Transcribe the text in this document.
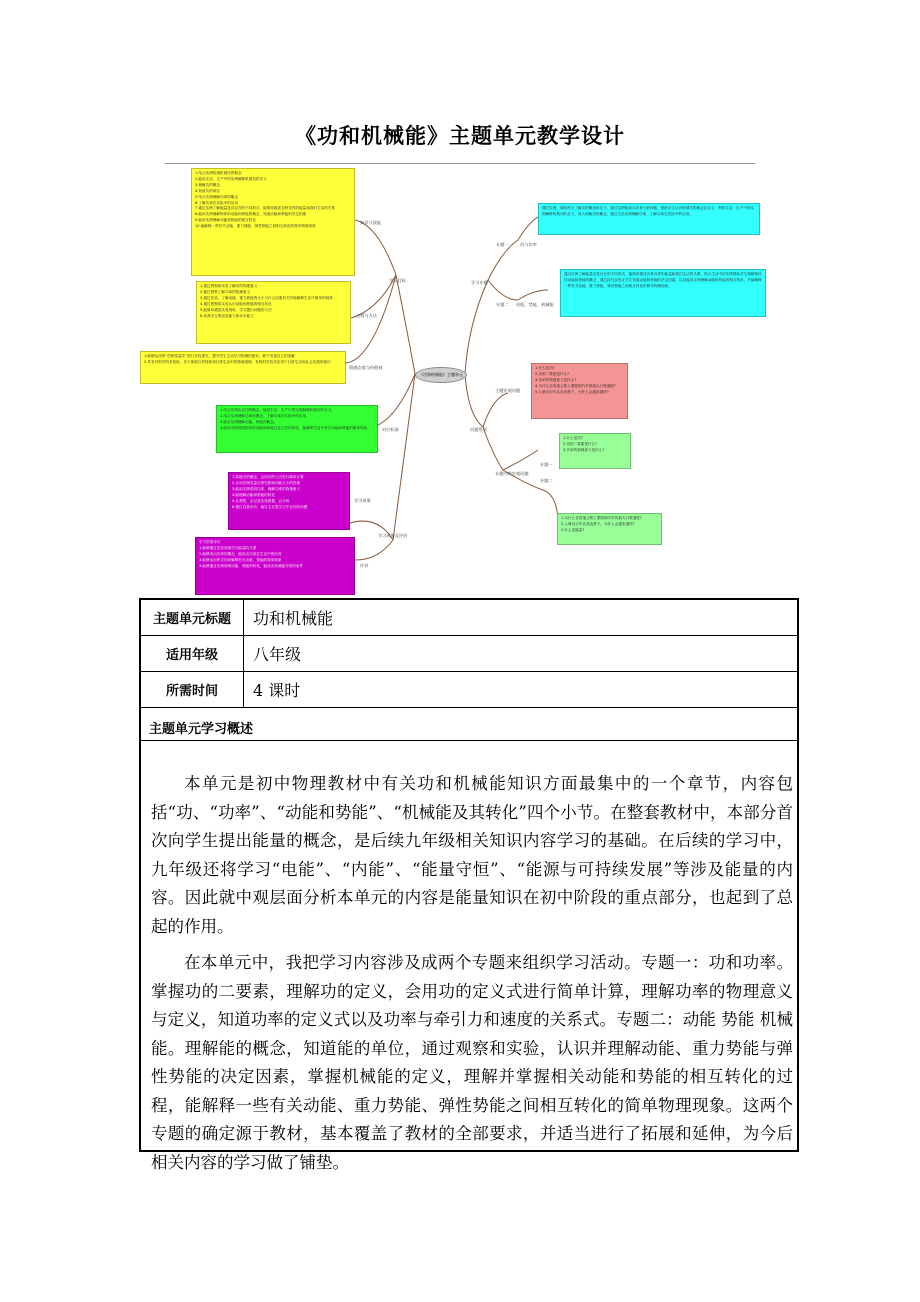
《功和机械能》主题单元教学设计
1.结合实例知道机械功的概念
2.能用生活、生产中的实例解释机械功的含义
3.理解功的概念
4.知道功的单位
5.结合实例理解功率的概念
6.了解功率在实际中的应用
7.通过实例了解能量及其存在的不同形式，能简单描述各种各样的能量和我们生活的关系
8.能用实例理解物体的动能和势能的概念，知道动能和势能的决定因素
9.能用实例理解动能和势能的相互转化
10.能解释一些有关动能、重力势能、弹性势能之间相互转化的简单物理现象
1.通过观察和实验了解功的物理意义
2.通过观察了解功率的物理意义
3.通过实验，了解动能、重力势能的大小与什么因素有关并能解释生活中简单的现象
4.通过观察和实验认识动能和势能的相互转化
5.能简单描述实验现象，学习提出问题的方法
6.培养学生的创造能力和动手能力
1.能够运用所“控制变量法”进行实验探究，提升学生主动学习物理的意识，敢于发表自己的见解
2.具有对科学的求知欲，乐于探索自然现象和日常生活中的物理道理，有将科学技术应用于日常生活和社会实践的意识
1.结合实例认识功的概念，能用生活、生产中的实例解释机械功的含义。
2.结合实例理解功率的概念，了解功率在实际中的应用。
3.能用实例理解动能、势能的概念。
4.能用实例说明物体的动能和势能以及它们的转化，能解释生活中有关动能和势能的简单现象。
1.知道功的概念，会用功的公式进行简单计算
2.会用控制变量法探究影响动能大小的因素
3.能用实例说明功率，理解功率的物理意义
4.能理解动能和势能的转化
5.会观察，会记录实验数据，会分析
6.通过自我评价，能自主反思学习中存在的问题
学习效果评价
1.能够通过实验说明功与能量的关系
2.能够说出功率的概念，能说出功率在生活中的应用
3.能够运用所学知识解释有关动能、势能的简单现象
4.能够通过实例说明动能、势能的转化，能说出机械能守恒的条件
通过实例，课前预习了解功的概念和定义，通过实例和演示或者分析问题，帮助学生认识机械功的概念及含义，利用生活、生产中的实例解释机械功的含义，深入理解功的概念，通过生活实例理解功率，了解功率在实际中的应用。
通过实例了解能量及其存在的不同形式，能简单描述各种各样的能量和我们生活的关系，结合生活中的实例帮助学生理解物体的动能和势能的概念，通过探究实验让学生知道动能和势能的决定因素，以及能用实例理解动能和势能的相互转化，并能解释一些有关动能、重力势能、弹性势能之间相互转化的简单物理现象。
1.什么是功?
2.功的二要素是什么?
3.功率的物理意义是什么?
4.为什么在高速公路上要限制汽车的最大行驶速度?
5.人骑自行车从高处滑下，为什么会越来越快?
1.什么是功?
2.功的二要素是什么?
3.功率的物理意义是什么?
1.为什么在高速公路上要限制汽车的最大行驶速度?
2.人骑自行车从高处滑下，为什么会越来越快?
3.什么是能量?
《功和机械能》主题单元
知识与技能
过程与方法
情感态度与价值观
学习目标
对应标准
学习成果
学习成果及评价
评价
学习专题
专题一	功与功率
专题二 动能、势能、机械能
主题宏观问题
问题系列
专题内容宏观问题
专题一
专题二
主题单元标题	功和机械能
适用年级	八年级
所需时间	4 课时
主题单元学习概述

本单元是初中物理教材中有关功和机械能知识方面最集中的一个章节，内容包括“功、“功率”、“动能和势能”、“机械能及其转化”四个小节。在整套教材中，本部分首次向学生提出能量的概念，是后续九年级相关知识内容学习的基础。在后续的学习中，九年级还将学习“电能”、“内能”、“能量守恒”、“能源与可持续发展”等涉及能量的内容。因此就中观层面分析本单元的内容是能量知识在初中阶段的重点部分，也起到了总起的作用。

在本单元中，我把学习内容涉及成两个专题来组织学习活动。专题一：功和功率。掌握功的二要素，理解功的定义，会用功的定义式进行简单计算，理解功率的物理意义与定义，知道功率的定义式以及功率与牵引力和速度的关系式。专题二：动能 势能 机械能。理解能的概念，知道能的单位，通过观察和实验，认识并理解动能、重力势能与弹性势能的决定因素，掌握机械能的定义，理解并掌握相关动能和势能的相互转化的过程，能解释一些有关动能、重力势能、弹性势能之间相互转化的简单物理现象。这两个专题的确定源于教材，基本覆盖了教材的全部要求，并适当进行了拓展和延伸，为今后相关内容的学习做了铺垫。
